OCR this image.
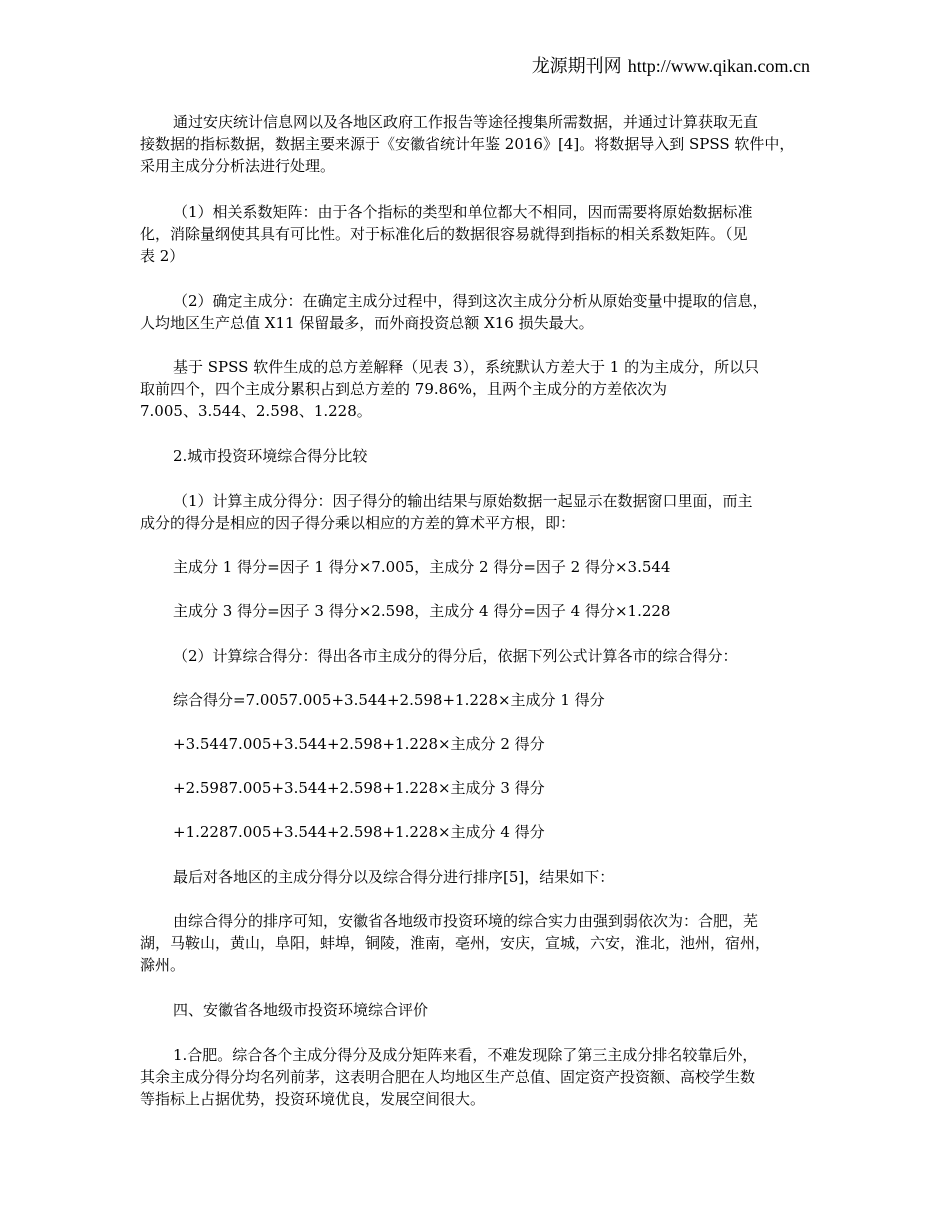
龙源期刊网 http://www.qikan.com.cn
通过安庆统计信息网以及各地区政府工作报告等途径搜集所需数据，并通过计算获取无直
接数据的指标数据，数据主要来源于《安徽省统计年鉴 2016》[4]。将数据导入到 SPSS 软件中，
采用主成分分析法进行处理。
（1）相关系数矩阵：由于各个指标的类型和单位都大不相同，因而需要将原始数据标准
化，消除量纲使其具有可比性。对于标准化后的数据很容易就得到指标的相关系数矩阵。（见
表 2）
（2）确定主成分：在确定主成分过程中，得到这次主成分分析从原始变量中提取的信息，
人均地区生产总值 X11 保留最多，而外商投资总额 X16 损失最大。
基于 SPSS 软件生成的总方差解释（见表 3），系统默认方差大于 1 的为主成分，所以只
取前四个，四个主成分累积占到总方差的 79.86%，且两个主成分的方差依次为
7.005、3.544、2.598、1.228。
2.城市投资环境综合得分比较
（1）计算主成分得分：因子得分的输出结果与原始数据一起显示在数据窗口里面，而主
成分的得分是相应的因子得分乘以相应的方差的算术平方根，即：
主成分 1 得分=因子 1 得分×7.005，主成分 2 得分=因子 2 得分×3.544
主成分 3 得分=因子 3 得分×2.598，主成分 4 得分=因子 4 得分×1.228
（2）计算综合得分：得出各市主成分的得分后，依据下列公式计算各市的综合得分：
综合得分=7.0057.005+3.544+2.598+1.228×主成分 1 得分
+3.5447.005+3.544+2.598+1.228×主成分 2 得分
+2.5987.005+3.544+2.598+1.228×主成分 3 得分
+1.2287.005+3.544+2.598+1.228×主成分 4 得分
最后对各地区的主成分得分以及综合得分进行排序[5]，结果如下：
由综合得分的排序可知，安徽省各地级市投资环境的综合实力由强到弱依次为：合肥，芜
湖，马鞍山，黄山，阜阳，蚌埠，铜陵，淮南，亳州，安庆，宣城，六安，淮北，池州，宿州，
滁州。
四、安徽省各地级市投资环境综合评价
1.合肥。综合各个主成分得分及成分矩阵来看，不难发现除了第三主成分排名较靠后外，
其余主成分得分均名列前茅，这表明合肥在人均地区生产总值、固定资产投资额、高校学生数
等指标上占据优势，投资环境优良，发展空间很大。
